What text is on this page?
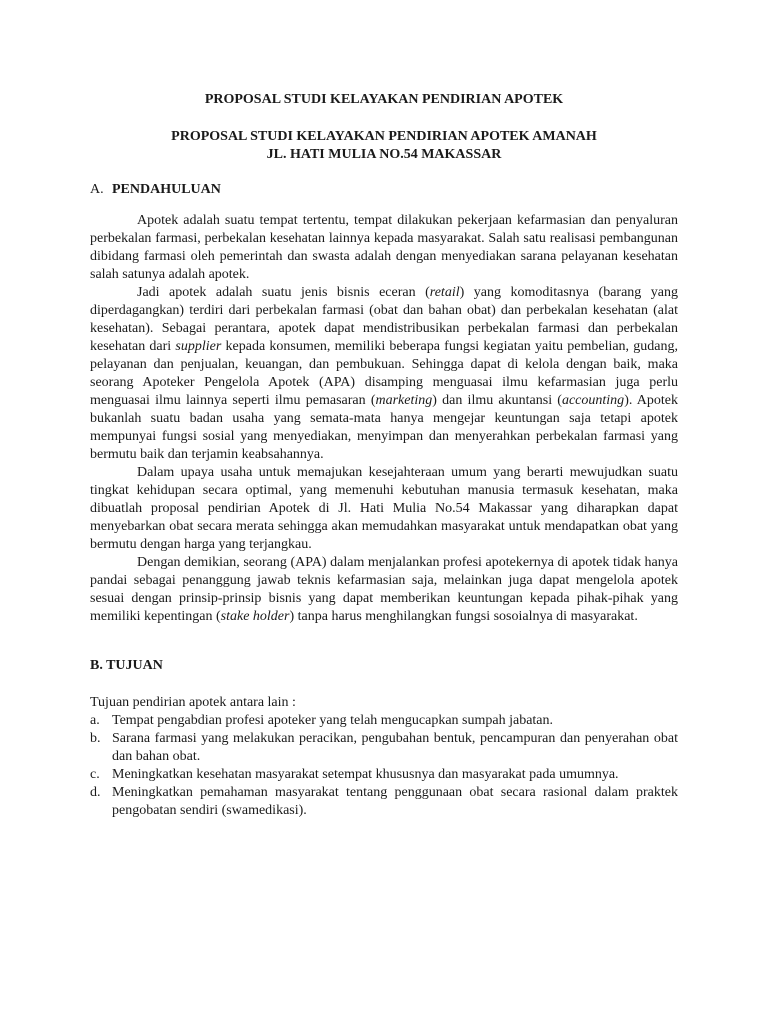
PROPOSAL STUDI KELAYAKAN PENDIRIAN APOTEK
PROPOSAL STUDI KELAYAKAN PENDIRIAN APOTEK AMANAH
JL. HATI MULIA NO.54 MAKASSAR
A. PENDAHULUAN

Apotek adalah suatu tempat tertentu, tempat dilakukan pekerjaan kefarmasian dan penyaluran perbekalan farmasi, perbekalan kesehatan lainnya kepada masyarakat. Salah satu realisasi pembangunan dibidang farmasi oleh pemerintah dan swasta adalah dengan menyediakan sarana pelayanan kesehatan salah satunya adalah apotek.

Jadi apotek adalah suatu jenis bisnis eceran (retail) yang komoditasnya (barang yang diperdagangkan) terdiri dari perbekalan farmasi (obat dan bahan obat) dan perbekalan kesehatan (alat kesehatan). Sebagai perantara, apotek dapat mendistribusikan perbekalan farmasi dan perbekalan kesehatan dari supplier kepada konsumen, memiliki beberapa fungsi kegiatan yaitu pembelian, gudang, pelayanan dan penjualan, keuangan, dan pembukuan. Sehingga dapat di kelola dengan baik, maka seorang Apoteker Pengelola Apotek (APA) disamping menguasai ilmu kefarmasian juga perlu menguasai ilmu lainnya seperti ilmu pemasaran (marketing) dan ilmu akuntansi (accounting). Apotek bukanlah suatu badan usaha yang semata-mata hanya mengejar keuntungan saja tetapi apotek mempunyai fungsi sosial yang menyediakan, menyimpan dan menyerahkan perbekalan farmasi yang bermutu baik dan terjamin keabsahannya.

Dalam upaya usaha untuk memajukan kesejahteraan umum yang berarti mewujudkan suatu tingkat kehidupan secara optimal, yang memenuhi kebutuhan manusia termasuk kesehatan, maka dibuatlah proposal pendirian Apotek di Jl. Hati Mulia No.54 Makassar yang diharapkan dapat menyebarkan obat secara merata sehingga akan memudahkan masyarakat untuk mendapatkan obat yang bermutu dengan harga yang terjangkau.

Dengan demikian, seorang (APA) dalam menjalankan profesi apotekernya di apotek tidak hanya pandai sebagai penanggung jawab teknis kefarmasian saja, melainkan juga dapat mengelola apotek sesuai dengan prinsip-prinsip bisnis yang dapat memberikan keuntungan kepada pihak-pihak yang memiliki kepentingan (stake holder) tanpa harus menghilangkan fungsi sosoialnya di masyarakat.

B. TUJUAN

Tujuan pendirian apotek antara lain :

a. Tempat pengabdian profesi apoteker yang telah mengucapkan sumpah jabatan.
b. Sarana farmasi yang melakukan peracikan, pengubahan bentuk, pencampuran dan penyerahan obat dan bahan obat.
c. Meningkatkan kesehatan masyarakat setempat khususnya dan masyarakat pada umumnya.
d. Meningkatkan pemahaman masyarakat tentang penggunaan obat secara rasional dalam praktek pengobatan sendiri (swamedikasi).
